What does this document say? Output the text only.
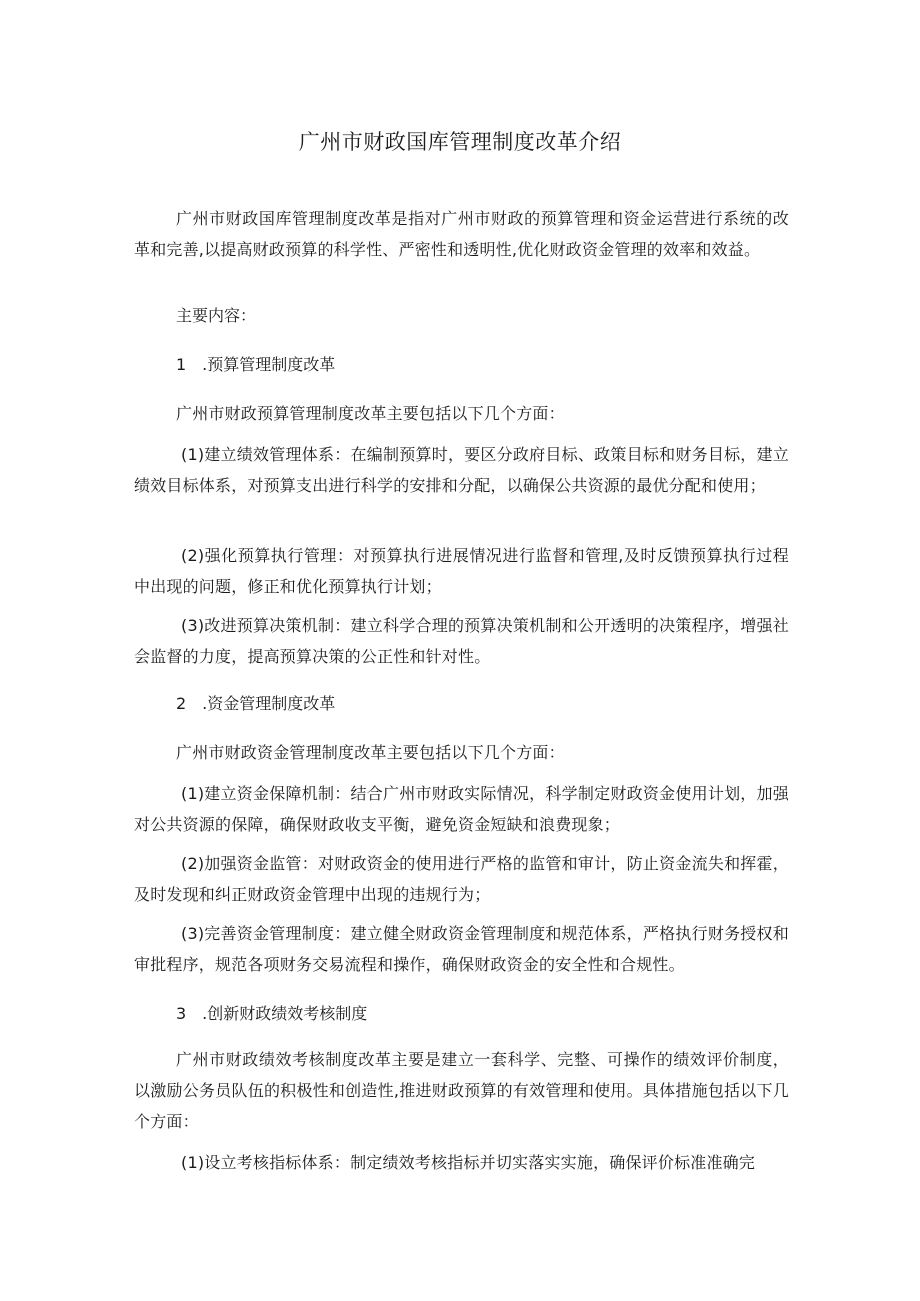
广州市财政国库管理制度改革介绍
广州市财政国库管理制度改革是指对广州市财政的预算管理和资金运营进行系统的改革和完善,以提高财政预算的科学性、严密性和透明性,优化财政资金管理的效率和效益。
主要内容：
1　.预算管理制度改革
广州市财政预算管理制度改革主要包括以下几个方面：
(1)建立绩效管理体系：在编制预算时，要区分政府目标、政策目标和财务目标，建立绩效目标体系，对预算支出进行科学的安排和分配，以确保公共资源的最优分配和使用；
(2)强化预算执行管理：对预算执行进展情况进行监督和管理,及时反馈预算执行过程中出现的问题，修正和优化预算执行计划；
(3)改进预算决策机制：建立科学合理的预算决策机制和公开透明的决策程序，增强社会监督的力度，提高预算决策的公正性和针对性。
2　.资金管理制度改革
广州市财政资金管理制度改革主要包括以下几个方面：
(1)建立资金保障机制：结合广州市财政实际情况，科学制定财政资金使用计划，加强对公共资源的保障，确保财政收支平衡，避免资金短缺和浪费现象；
(2)加强资金监管：对财政资金的使用进行严格的监管和审计，防止资金流失和挥霍，及时发现和纠正财政资金管理中出现的违规行为；
(3)完善资金管理制度：建立健全财政资金管理制度和规范体系，严格执行财务授权和审批程序，规范各项财务交易流程和操作，确保财政资金的安全性和合规性。
3　.创新财政绩效考核制度
广州市财政绩效考核制度改革主要是建立一套科学、完整、可操作的绩效评价制度，以激励公务员队伍的积极性和创造性,推进财政预算的有效管理和使用。具体措施包括以下几个方面：
(1)设立考核指标体系：制定绩效考核指标并切实落实实施，确保评价标准准确完
